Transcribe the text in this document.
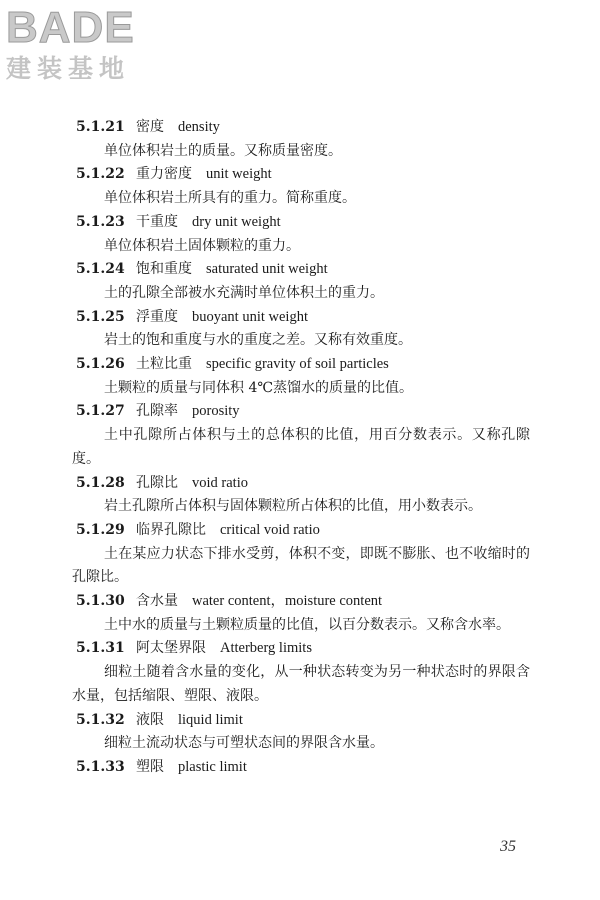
BADE
建装基地
5.1.21 密度 density

单位体积岩土的质量。又称质量密度。

5.1.22 重力密度 unit weight

单位体积岩土所具有的重力。简称重度。

5.1.23 干重度 dry unit weight

单位体积岩土固体颗粒的重力。

5.1.24 饱和重度 saturated unit weight

土的孔隙全部被水充满时单位体积土的重力。

5.1.25 浮重度 buoyant unit weight

岩土的饱和重度与水的重度之差。又称有效重度。

5.1.26 土粒比重 specific gravity of soil particles

土颗粒的质量与同体积 4℃蒸馏水的质量的比值。

5.1.27 孔隙率 porosity

土中孔隙所占体积与土的总体积的比值，用百分数表示。又称孔隙度。

5.1.28 孔隙比 void ratio

岩土孔隙所占体积与固体颗粒所占体积的比值，用小数表示。

5.1.29 临界孔隙比 critical void ratio

土在某应力状态下排水受剪，体积不变，即既不膨胀、也不收缩时的孔隙比。

5.1.30 含水量 water content，moisture content

土中水的质量与土颗粒质量的比值，以百分数表示。又称含水率。

5.1.31 阿太堡界限 Atterberg limits

细粒土随着含水量的变化，从一种状态转变为另一种状态时的界限含水量，包括缩限、塑限、液限。

5.1.32 液限 liquid limit

细粒土流动状态与可塑状态间的界限含水量。

5.1.33 塑限 plastic limit
35
